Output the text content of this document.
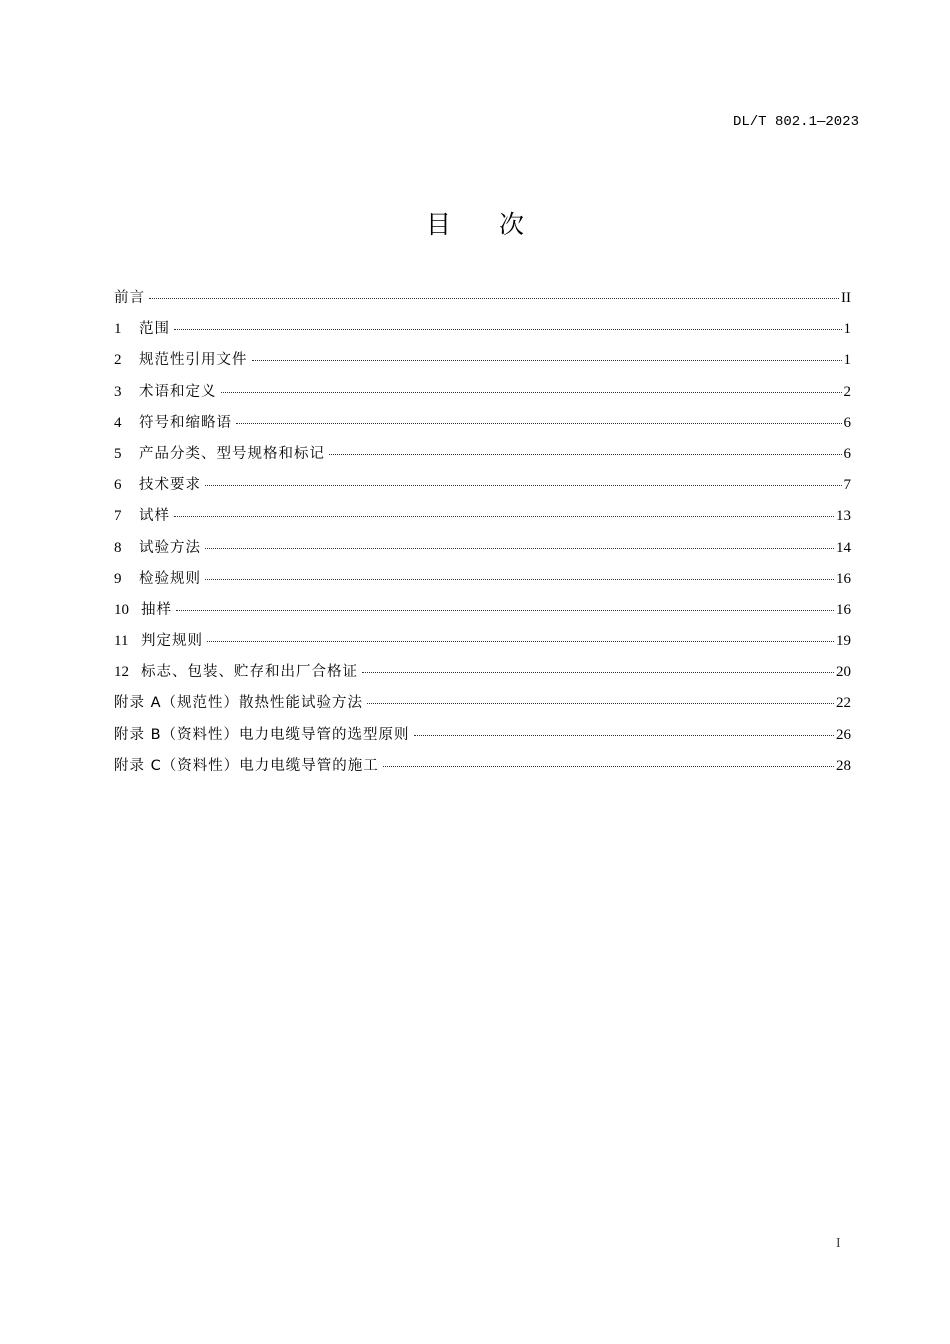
DL/T 802.1—2023
目 次
前言	II
1	范围	1
2	规范性引用文件	1
3	术语和定义	2
4	符号和缩略语	6
5	产品分类、型号规格和标记	6
6	技术要求	7
7	试样	13
8	试验方法	14
9	检验规则	16
10 抽样	16
11 判定规则	19
12 标志、包装、贮存和出厂合格证	20
附录 A（规范性）散热性能试验方法	22
附录 B（资料性）电力电缆导管的选型原则	26
附录 C（资料性）电力电缆导管的施工	28
I
